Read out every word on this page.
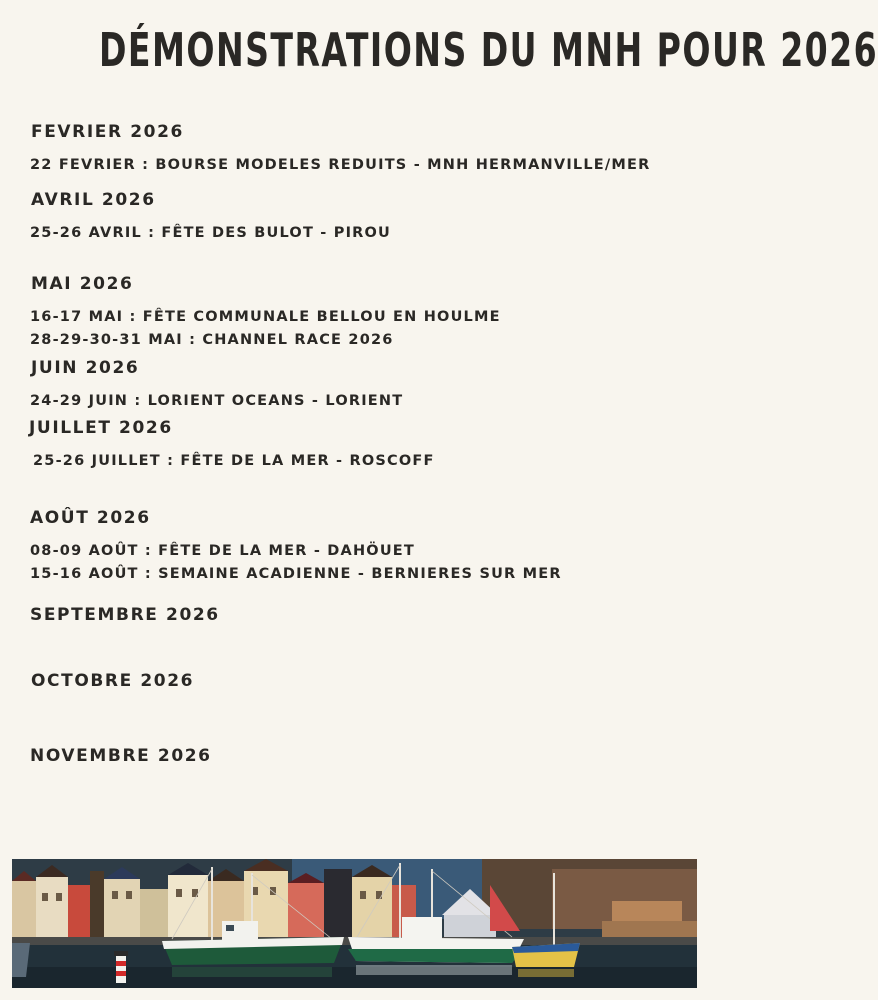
DÉMONSTRATIONS DU MNH POUR 2026
FEVRIER 2026
22 FEVRIER : BOURSE MODELES REDUITS - MNH HERMANVILLE/MER
AVRIL 2026
25-26 AVRIL : FÊTE DES BULOT - PIROU
MAI 2026
16-17 MAI : FÊTE COMMUNALE BELLOU EN HOULME
28-29-30-31 MAI : CHANNEL RACE 2026
JUIN 2026
24-29 JUIN : LORIENT OCEANS - LORIENT
JUILLET 2026
25-26 JUILLET : FÊTE DE LA MER - ROSCOFF
AOÛT 2026
08-09 AOÛT : FÊTE DE LA MER - DAHÖUET
15-16 AOÛT : SEMAINE ACADIENNE - BERNIERES SUR MER
SEPTEMBRE 2026
OCTOBRE 2026
NOVEMBRE 2026
